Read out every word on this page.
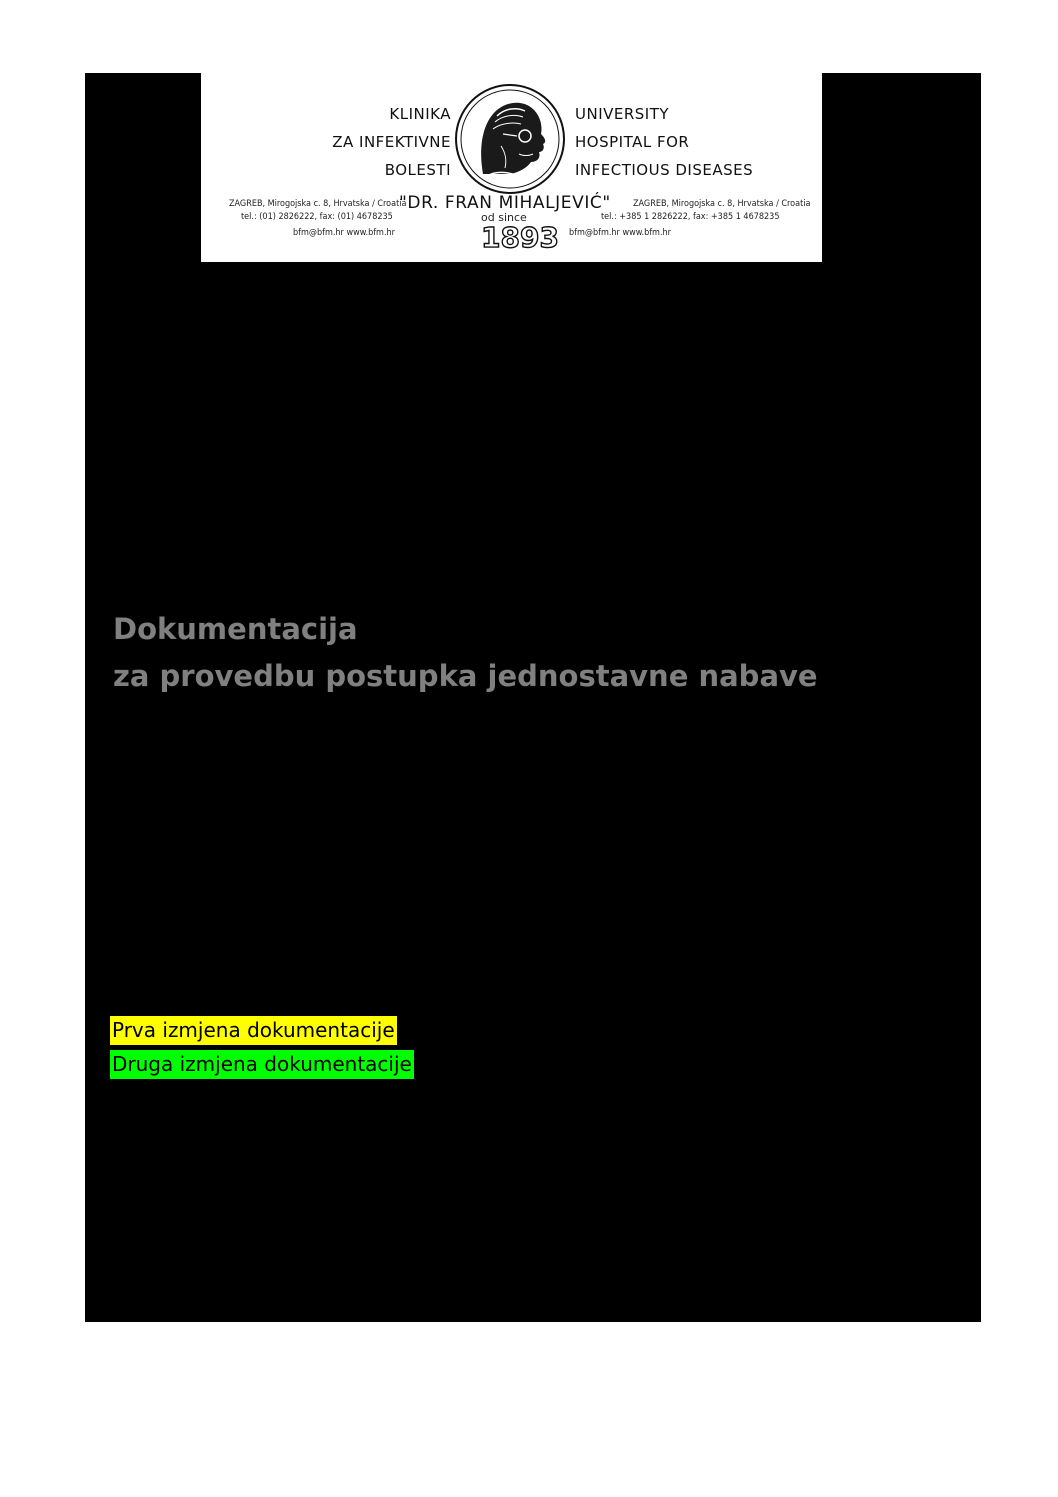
KLINIKA
ZA INFEKTIVNE
BOLESTI
UNIVERSITY
HOSPITAL FOR
INFECTIOUS DISEASES
"DR. FRAN MIHALJEVIĆ"
ZAGREB, Mirogojska c. 8, Hrvatska / Croatia
tel.: (01) 2826222, fax: (01) 4678235
bfm@bfm.hr www.bfm.hr
ZAGREB, Mirogojska c. 8, Hrvatska / Croatia
tel.: +385 1 2826222, fax: +385 1 4678235
bfm@bfm.hr www.bfm.hr
od since
1893
Dokumentacija
za provedbu postupka jednostavne nabave
Prva izmjena dokumentacije
Druga izmjena dokumentacije
